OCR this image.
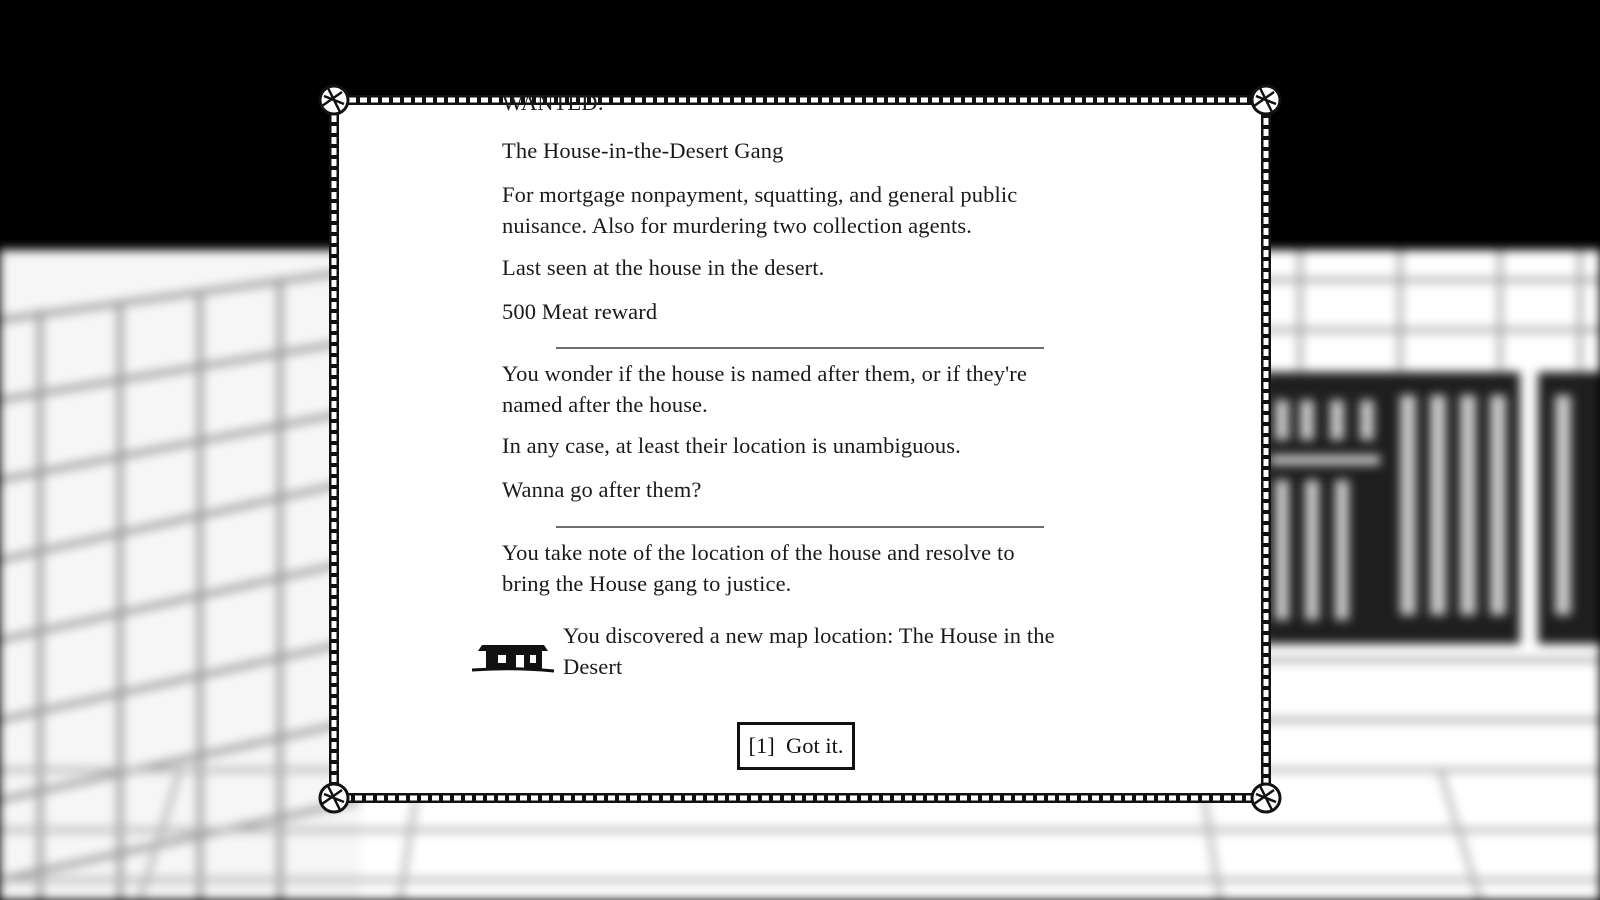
WANTED:
The House-in-the-Desert Gang
For mortgage nonpayment, squatting, and general public
nuisance. Also for murdering two collection agents.
Last seen at the house in the desert.
500 Meat reward
You wonder if the house is named after them, or if they're
named after the house.
In any case, at least their location is unambiguous.
Wanna go after them?
You take note of the location of the house and resolve to
bring the House gang to justice.
You discovered a new map location: The House in the
Desert
[1]
Got it.
